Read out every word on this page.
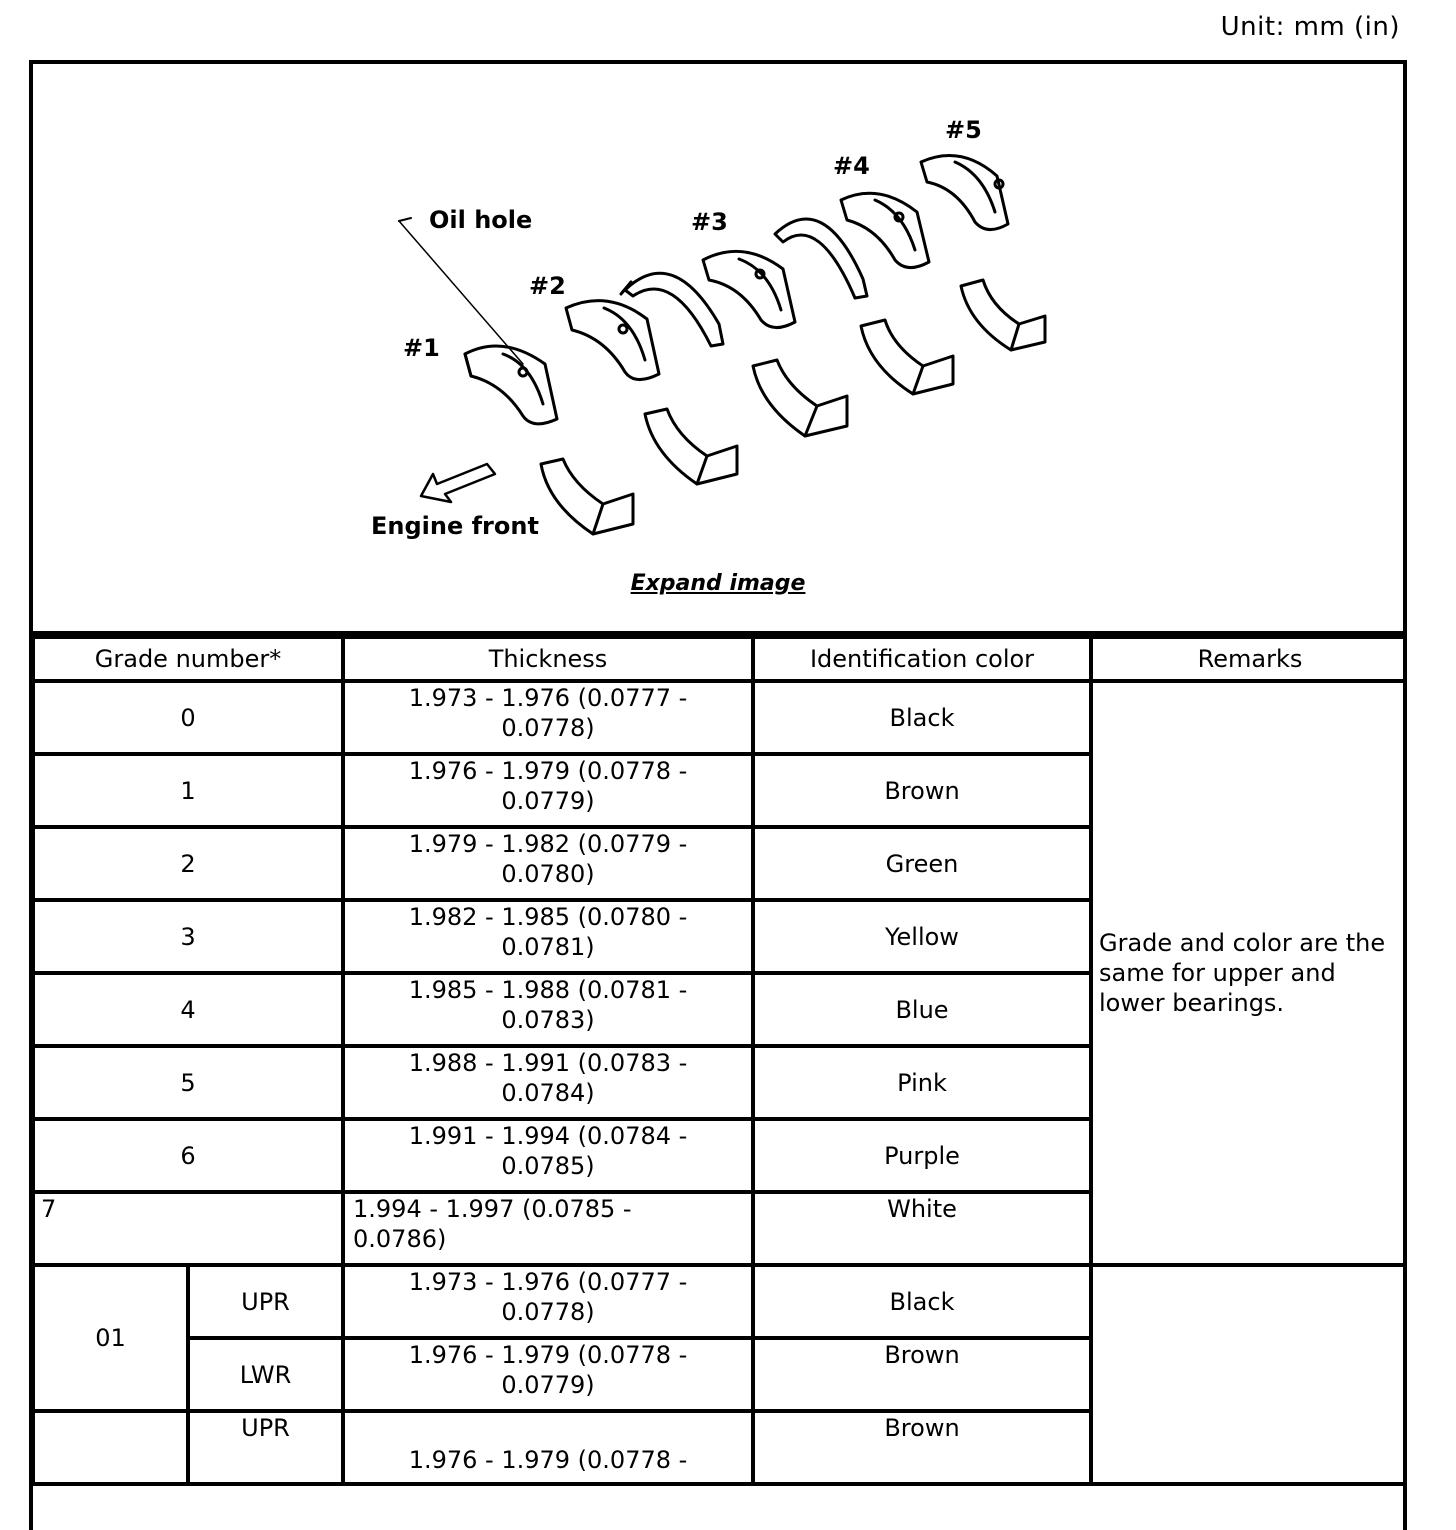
Unit: mm (in)
Oil hole
#1
#2
#3
#4
#5
Engine front
Expand image
Grade number*		Thickness	Identification color	Remarks
0		1.973 - 1.976 (0.0777 - 0.0778)	Black	Grade and color are the same for upper and lower bearings.
1		1.976 - 1.979 (0.0778 - 0.0779)	Brown	
2		1.979 - 1.982 (0.0779 - 0.0780)	Green	
3		1.982 - 1.985 (0.0780 - 0.0781)	Yellow	
4		1.985 - 1.988 (0.0781 - 0.0783)	Blue	
5		1.988 - 1.991 (0.0783 - 0.0784)	Pink	
6		1.991 - 1.994 (0.0784 - 0.0785)	Purple	
7		1.994 - 1.997 (0.0785 - 0.0786)	White	
01	UPR	1.973 - 1.976 (0.0777 - 0.0778)	Black	
	LWR	1.976 - 1.979 (0.0778 - 0.0779)	Brown	
	UPR	1.976 - 1.979 (0.0778 -	Brown	
